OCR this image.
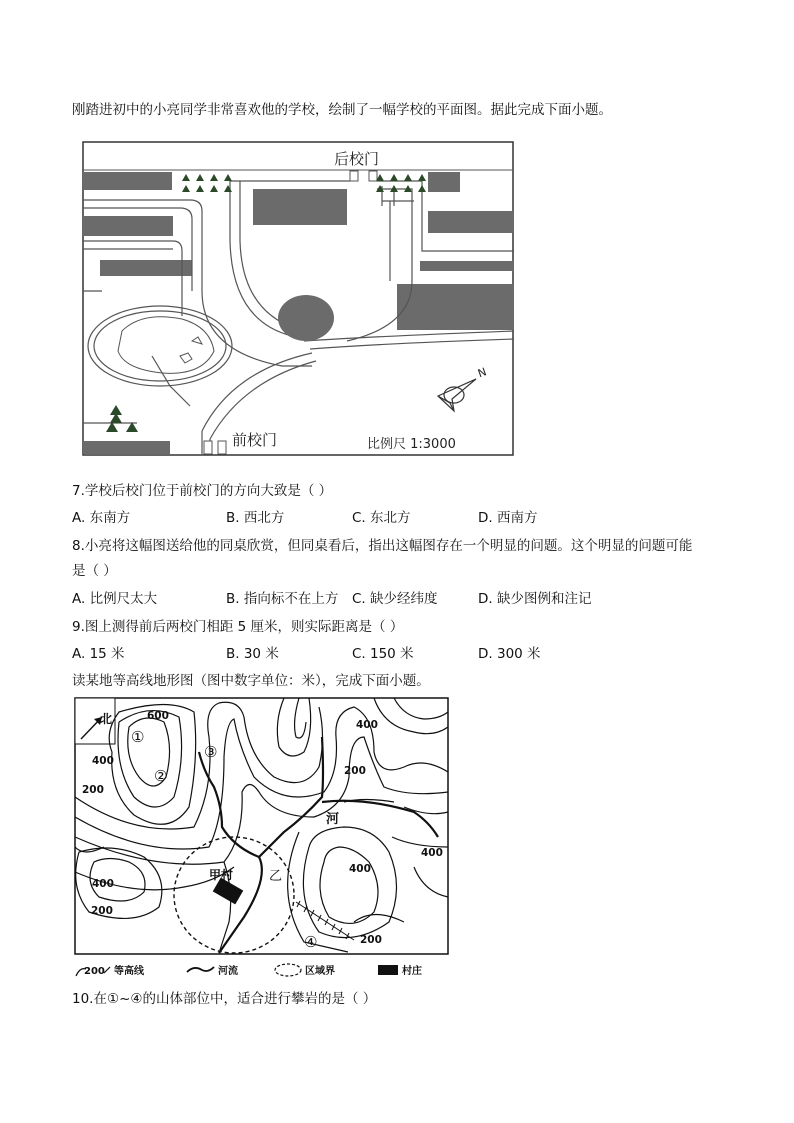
刚踏进初中的小亮同学非常喜欢他的学校，绘制了一幅学校的平面图。据此完成下面小题。
后校门
前校门	比例尺 1:3000
N
7.学校后校门位于前校门的方向大致是（ ）
A. 东南方	B. 西北方	C. 东北方	D. 西南方
8.小亮将这幅图送给他的同桌欣赏，但同桌看后，指出这幅图存在一个明显的问题。这个明显的问题可能
是（ ）
A. 比例尺太大	B. 指向标不在上方 C. 缺少经纬度	D. 缺少图例和注记
9.图上测得前后两校门相距 5 厘米，则实际距离是（ ）
A. 15 米	B. 30 米	C. 150 米	D. 300 米
读某地等高线地形图（图中数字单位：米），完成下面小题。
北	600
400
400
200
200
400
400
400
200
200
①
②
③
④
河
甲村	乙
200 等高线	河流	区域界	村庄
10.在①~④的山体部位中，适合进行攀岩的是（ ）
